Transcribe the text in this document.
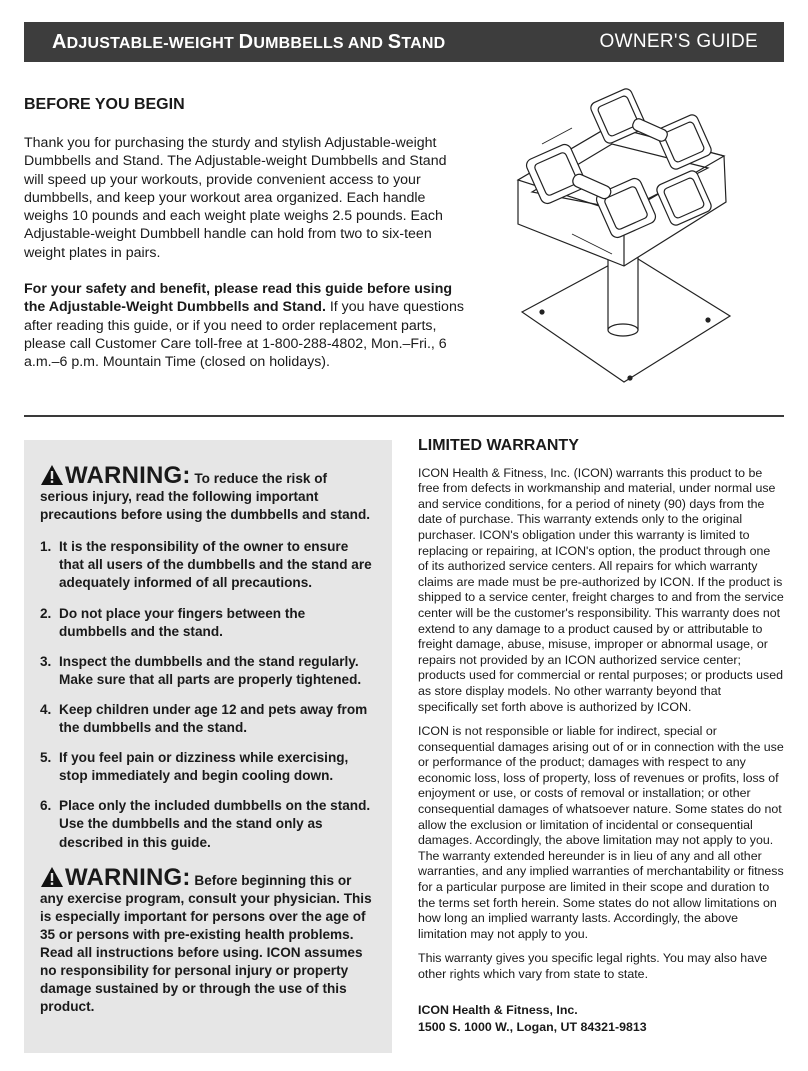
ADJUSTABLE-WEIGHT DUMBBELLS AND STAND	OWNER'S GUIDE
BEFORE YOU BEGIN

Thank you for purchasing the sturdy and stylish Adjustable-weight Dumbbells and Stand. The Adjustable-weight Dumbbells and Stand will speed up your workouts, provide convenient access to your dumbbells, and keep your workout area organized. Each handle weighs 10 pounds and each weight plate weighs 2.5 pounds. Each Adjustable-weight Dumbbell handle can hold from two to six-teen weight plates in pairs.

For your safety and benefit, please read this guide before using the Adjustable-Weight Dumbbells and Stand. If you have questions after reading this guide, or if you need to order replacement parts, please call Customer Care toll-free at 1-800-288-4802, Mon.–Fri., 6 a.m.–6 p.m. Mountain Time (closed on holidays).

WARNING: To reduce the risk of serious injury, read the following important precautions before using the dumbbells and stand.

1. It is the responsibility of the owner to ensure that all users of the dumbbells and the stand are adequately informed of all precautions.
2. Do not place your fingers between the dumbbells and the stand.
3. Inspect the dumbbells and the stand regularly. Make sure that all parts are properly tightened.
4. Keep children under age 12 and pets away from the dumbbells and the stand.
5. If you feel pain or dizziness while exercising, stop immediately and begin cooling down.
6. Place only the included dumbbells on the stand. Use the dumbbells and the stand only as described in this guide.

WARNING: Before beginning this or any exercise program, consult your physician. This is especially important for persons over the age of 35 or persons with pre-existing health problems. Read all instructions before using. ICON assumes no responsibility for personal injury or property damage sustained by or through the use of this product.

LIMITED WARRANTY

ICON Health & Fitness, Inc. (ICON) warrants this product to be free from defects in workmanship and material, under normal use and service conditions, for a period of ninety (90) days from the date of purchase. This warranty extends only to the original purchaser. ICON's obligation under this warranty is limited to replacing or repairing, at ICON's option, the product through one of its authorized service centers. All repairs for which warranty claims are made must be pre-authorized by ICON. If the product is shipped to a service center, freight charges to and from the service center will be the customer's responsibility. This warranty does not extend to any damage to a product caused by or attributable to freight damage, abuse, misuse, improper or abnormal usage, or repairs not provided by an ICON authorized service center; products used for commercial or rental purposes; or products used as store display models. No other warranty beyond that specifically set forth above is authorized by ICON.

ICON is not responsible or liable for indirect, special or consequential damages arising out of or in connection with the use or performance of the product; damages with respect to any economic loss, loss of property, loss of revenues or profits, loss of enjoyment or use, or costs of removal or installation; or other consequential damages of whatsoever nature. Some states do not allow the exclusion or limitation of incidental or consequential damages. Accordingly, the above limitation may not apply to you. The warranty extended hereunder is in lieu of any and all other warranties, and any implied warranties of merchantability or fitness for a particular purpose are limited in their scope and duration to the terms set forth herein. Some states do not allow limitations on how long an implied warranty lasts. Accordingly, the above limitation may not apply to you.

This warranty gives you specific legal rights. You may also have other rights which vary from state to state.

ICON Health & Fitness, Inc.
1500 S. 1000 W., Logan, UT 84321-9813
